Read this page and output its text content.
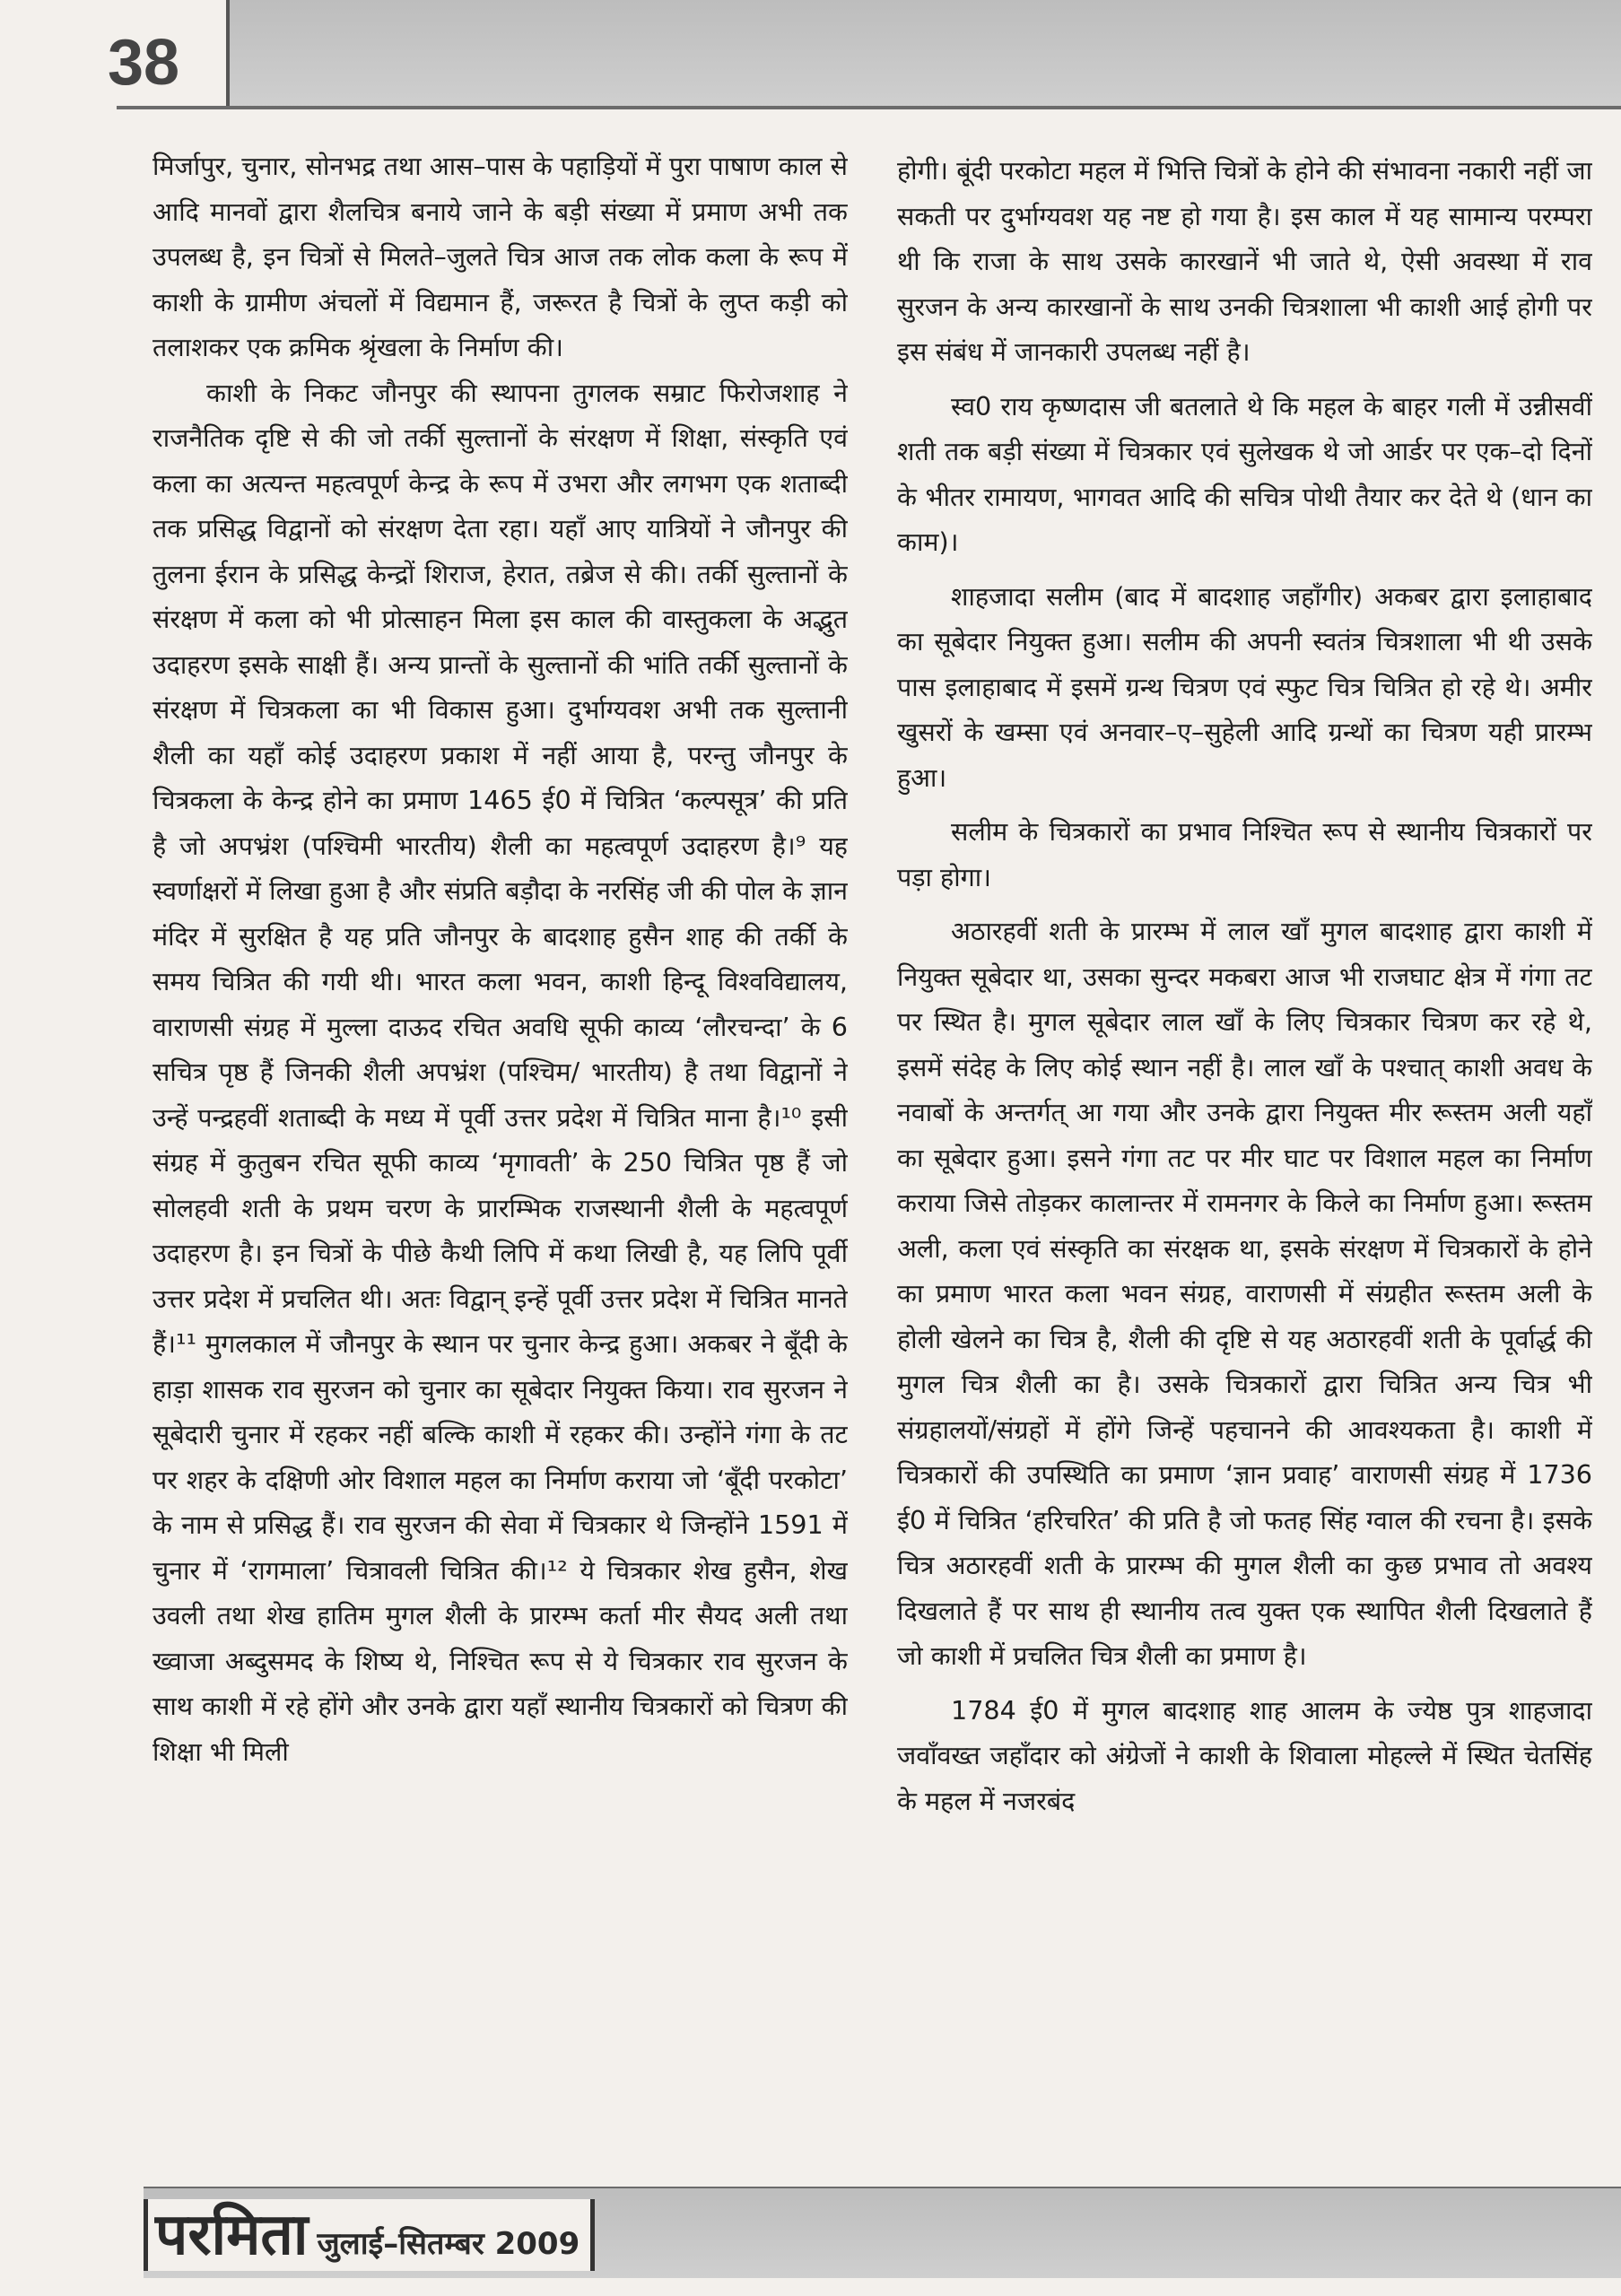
38

मिर्जापुर, चुनार, सोनभद्र तथा आस–पास के पहाड़ियों में पुरा पाषाण काल से आदि मानवों द्वारा शैलचित्र बनाये जाने के बड़ी संख्या में प्रमाण अभी तक उपलब्ध है, इन चित्रों से मिलते–जुलते चित्र आज तक लोक कला के रूप में काशी के ग्रामीण अंचलों में विद्यमान हैं, जरूरत है चित्रों के लुप्त कड़ी को तलाशकर एक क्रमिक श्रृंखला के निर्माण की।

काशी के निकट जौनपुर की स्थापना तुगलक सम्राट फिरोजशाह ने राजनैतिक दृष्टि से की जो तर्की सुल्तानों के संरक्षण में शिक्षा, संस्कृति एवं कला का अत्यन्त महत्वपूर्ण केन्द्र के रूप में उभरा और लगभग एक शताब्दी तक प्रसिद्ध विद्वानों को संरक्षण देता रहा। यहाँ आए यात्रियों ने जौनपुर की तुलना ईरान के प्रसिद्ध केन्द्रों शिराज, हेरात, तब्रेज से की। तर्की सुल्तानों के संरक्षण में कला को भी प्रोत्साहन मिला इस काल की वास्तुकला के अद्भुत उदाहरण इसके साक्षी हैं। अन्य प्रान्तों के सुल्तानों की भांति तर्की सुल्तानों के संरक्षण में चित्रकला का भी विकास हुआ। दुर्भाग्यवश अभी तक सुल्तानी शैली का यहाँ कोई उदाहरण प्रकाश में नहीं आया है, परन्तु जौनपुर के चित्रकला के केन्द्र होने का प्रमाण 1465 ई0 में चित्रित ‘कल्पसूत्र’ की प्रति है जो अपभ्रंश (पश्चिमी भारतीय) शैली का महत्वपूर्ण उदाहरण है।⁹ यह स्वर्णाक्षरों में लिखा हुआ है और संप्रति बड़ौदा के नरसिंह जी की पोल के ज्ञान मंदिर में सुरक्षित है यह प्रति जौनपुर के बादशाह हुसैन शाह की तर्की के समय चित्रित की गयी थी। भारत कला भवन, काशी हिन्दू विश्वविद्यालय, वाराणसी संग्रह में मुल्ला दाऊद रचित अवधि सूफी काव्य ‘लौरचन्दा’ के 6 सचित्र पृष्ठ हैं जिनकी शैली अपभ्रंश (पश्चिम/ भारतीय) है तथा विद्वानों ने उन्हें पन्द्रहवीं शताब्दी के मध्य में पूर्वी उत्तर प्रदेश में चित्रित माना है।¹⁰ इसी संग्रह में कुतुबन रचित सूफी काव्य ‘मृगावती’ के 250 चित्रित पृष्ठ हैं जो सोलहवी शती के प्रथम चरण के प्रारम्भिक राजस्थानी शैली के महत्वपूर्ण उदाहरण है। इन चित्रों के पीछे कैथी लिपि में कथा लिखी है, यह लिपि पूर्वी उत्तर प्रदेश में प्रचलित थी। अतः विद्वान् इन्हें पूर्वी उत्तर प्रदेश में चित्रित मानते हैं।¹¹ मुगलकाल में जौनपुर के स्थान पर चुनार केन्द्र हुआ। अकबर ने बूँदी के हाड़ा शासक राव सुरजन को चुनार का सूबेदार नियुक्त किया। राव सुरजन ने सूबेदारी चुनार में रहकर नहीं बल्कि काशी में रहकर की। उन्होंने गंगा के तट पर शहर के दक्षिणी ओर विशाल महल का निर्माण कराया जो ‘बूँदी परकोटा’ के नाम से प्रसिद्ध हैं। राव सुरजन की सेवा में चित्रकार थे जिन्होंने 1591 में चुनार में ‘रागमाला’ चित्रावली चित्रित की।¹² ये चित्रकार शेख हुसैन, शेख उवली तथा शेख हातिम मुगल शैली के प्रारम्भ कर्ता मीर सैयद अली तथा ख्वाजा अब्दुसमद के शिष्य थे, निश्चित रूप से ये चित्रकार राव सुरजन के साथ काशी में रहे होंगे और उनके द्वारा यहाँ स्थानीय चित्रकारों को चित्रण की शिक्षा भी मिली

होगी। बूंदी परकोटा महल में भित्ति चित्रों के होने की संभावना नकारी नहीं जा सकती पर दुर्भाग्यवश यह नष्ट हो गया है। इस काल में यह सामान्य परम्परा थी कि राजा के साथ उसके कारखानें भी जाते थे, ऐसी अवस्था में राव सुरजन के अन्य कारखानों के साथ उनकी चित्रशाला भी काशी आई होगी पर इस संबंध में जानकारी उपलब्ध नहीं है।

स्व0 राय कृष्णदास जी बतलाते थे कि महल के बाहर गली में उन्नीसवीं शती तक बड़ी संख्या में चित्रकार एवं सुलेखक थे जो आर्डर पर एक–दो दिनों के भीतर रामायण, भागवत आदि की सचित्र पोथी तैयार कर देते थे (धान का काम)।

शाहजादा सलीम (बाद में बादशाह जहाँगीर) अकबर द्वारा इलाहाबाद का सूबेदार नियुक्त हुआ। सलीम की अपनी स्वतंत्र चित्रशाला भी थी उसके पास इलाहाबाद में इसमें ग्रन्थ चित्रण एवं स्फुट चित्र चित्रित हो रहे थे। अमीर खुसरों के खम्सा एवं अनवार–ए–सुहेली आदि ग्रन्थों का चित्रण यही प्रारम्भ हुआ।

सलीम के चित्रकारों का प्रभाव निश्चित रूप से स्थानीय चित्रकारों पर पड़ा होगा।

अठारहवीं शती के प्रारम्भ में लाल खाँ मुगल बादशाह द्वारा काशी में नियुक्त सूबेदार था, उसका सुन्दर मकबरा आज भी राजघाट क्षेत्र में गंगा तट पर स्थित है। मुगल सूबेदार लाल खाँ के लिए चित्रकार चित्रण कर रहे थे, इसमें संदेह के लिए कोई स्थान नहीं है। लाल खाँ के पश्चात् काशी अवध के नवाबों के अन्तर्गत् आ गया और उनके द्वारा नियुक्त मीर रूस्तम अली यहाँ का सूबेदार हुआ। इसने गंगा तट पर मीर घाट पर विशाल महल का निर्माण कराया जिसे तोड़कर कालान्तर में रामनगर के किले का निर्माण हुआ। रूस्तम अली, कला एवं संस्कृति का संरक्षक था, इसके संरक्षण में चित्रकारों के होने का प्रमाण भारत कला भवन संग्रह, वाराणसी में संग्रहीत रूस्तम अली के होली खेलने का चित्र है, शैली की दृष्टि से यह अठारहवीं शती के पूर्वार्द्ध की मुगल चित्र शैली का है। उसके चित्रकारों द्वारा चित्रित अन्य चित्र भी संग्रहालयों/संग्रहों में होंगे जिन्हें पहचानने की आवश्यकता है। काशी में चित्रकारों की उपस्थिति का प्रमाण ‘ज्ञान प्रवाह’ वाराणसी संग्रह में 1736 ई0 में चित्रित ‘हरिचरित’ की प्रति है जो फतह सिंह ग्वाल की रचना है। इसके चित्र अठारहवीं शती के प्रारम्भ की मुगल शैली का कुछ प्रभाव तो अवश्य दिखलाते हैं पर साथ ही स्थानीय तत्व युक्त एक स्थापित शैली दिखलाते हैं जो काशी में प्रचलित चित्र शैली का प्रमाण है।

1784 ई0 में मुगल बादशाह शाह आलम के ज्येष्ठ पुत्र शाहजादा जवाँवख्त जहाँदार को अंग्रेजों ने काशी के शिवाला मोहल्ले में स्थित चेतसिंह के महल में नजरबंद

परमिता जुलाई–सितम्बर 2009
